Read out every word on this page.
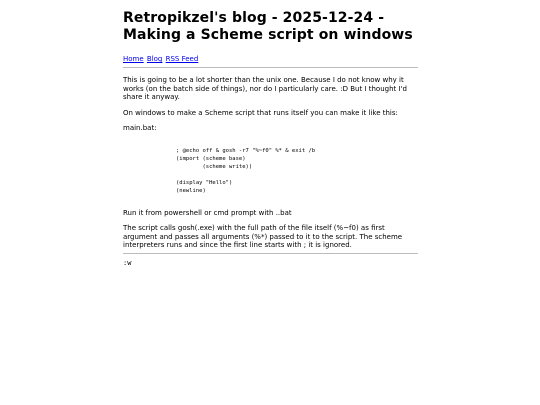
Retropikzel's blog - 2025-12-24 - Making a Scheme script on windows
Home Blog RSS Feed

This is going to be a lot shorter than the unix one. Because I do not know why it works (on the batch side of things), nor do I particularly care. :D But I thought I'd share it anyway.

On windows to make a Scheme script that runs itself you can make it like this:

main.bat:

; @echo off & gosh -r7 "%~f0" %* & exit /b
(import (scheme base)
(scheme write))

(display "Hello")
(newline)

Run it from powershell or cmd prompt with ..bat

The script calls gosh(.exe) with the full path of the file itself (%~f0) as first argument and passes all arguments (%*) passed to it to the script. The scheme interpreters runs and since the first line starts with ; it is ignored.

:w
